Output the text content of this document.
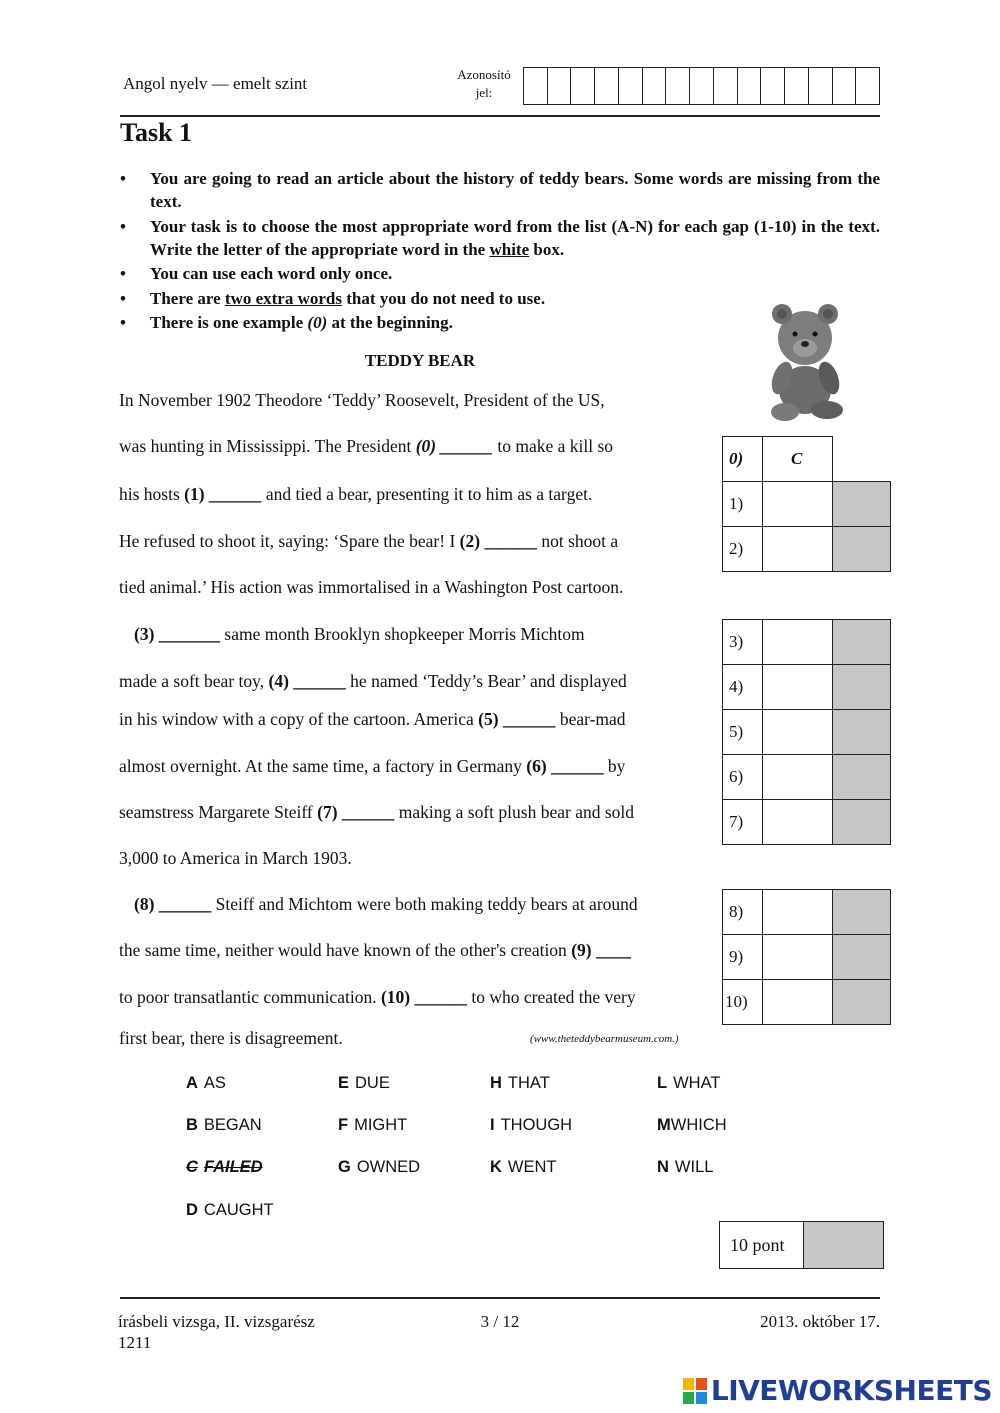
Angol nyelv — emelt szint	Azonosító
jel:
Task 1
• You are going to read an article about the history of teddy bears. Some words are missing from the text.
• Your task is to choose the most appropriate word from the list (A-N) for each gap (1-10) in the text. Write the letter of the appropriate word in the white box.
• You can use each word only once.
• There are two extra words that you do not need to use.
• There is one example (0) at the beginning.
TEDDY BEAR
In November 1902 Theodore ‘Teddy’ Roosevelt, President of the US,
was hunting in Mississippi. The President (0) ______ to make a kill so
his hosts (1) ______ and tied a bear, presenting it to him as a target.
He refused to shoot it, saying: ‘Spare the bear! I (2) ______ not shoot a
tied animal.’ His action was immortalised in a Washington Post cartoon.
(3) _______ same month Brooklyn shopkeeper Morris Michtom
made a soft bear toy, (4) ______ he named ‘Teddy’s Bear’ and displayed
in his window with a copy of the cartoon. America (5) ______ bear-mad
almost overnight. At the same time, a factory in Germany (6) ______ by
seamstress Margarete Steiff (7) ______ making a soft plush bear and sold
3,000 to America in March 1903.
(8) ______ Steiff and Michtom were both making teddy bears at around
the same time, neither would have known of the other's creation (9) ____
to poor transatlantic communication. (10) ______ to who created the very
first bear, there is disagreement.	(www.theteddybearmuseum.com.)
0)	C	
1)		
2)		
3)		
4)		
5)		
6)		
7)		
8)		
9)		
10)		
A AS
B BEGAN
C FAILED
D CAUGHT
E DUE
F MIGHT
G OWNED
H THAT
I THOUGH
K WENT
L WHAT
MWHICH
N WILL
10 pont
írásbeli vizsga, II. vizsgarész
1211
3 / 12	2013. október 17.
LIVEWORKSHEETS
